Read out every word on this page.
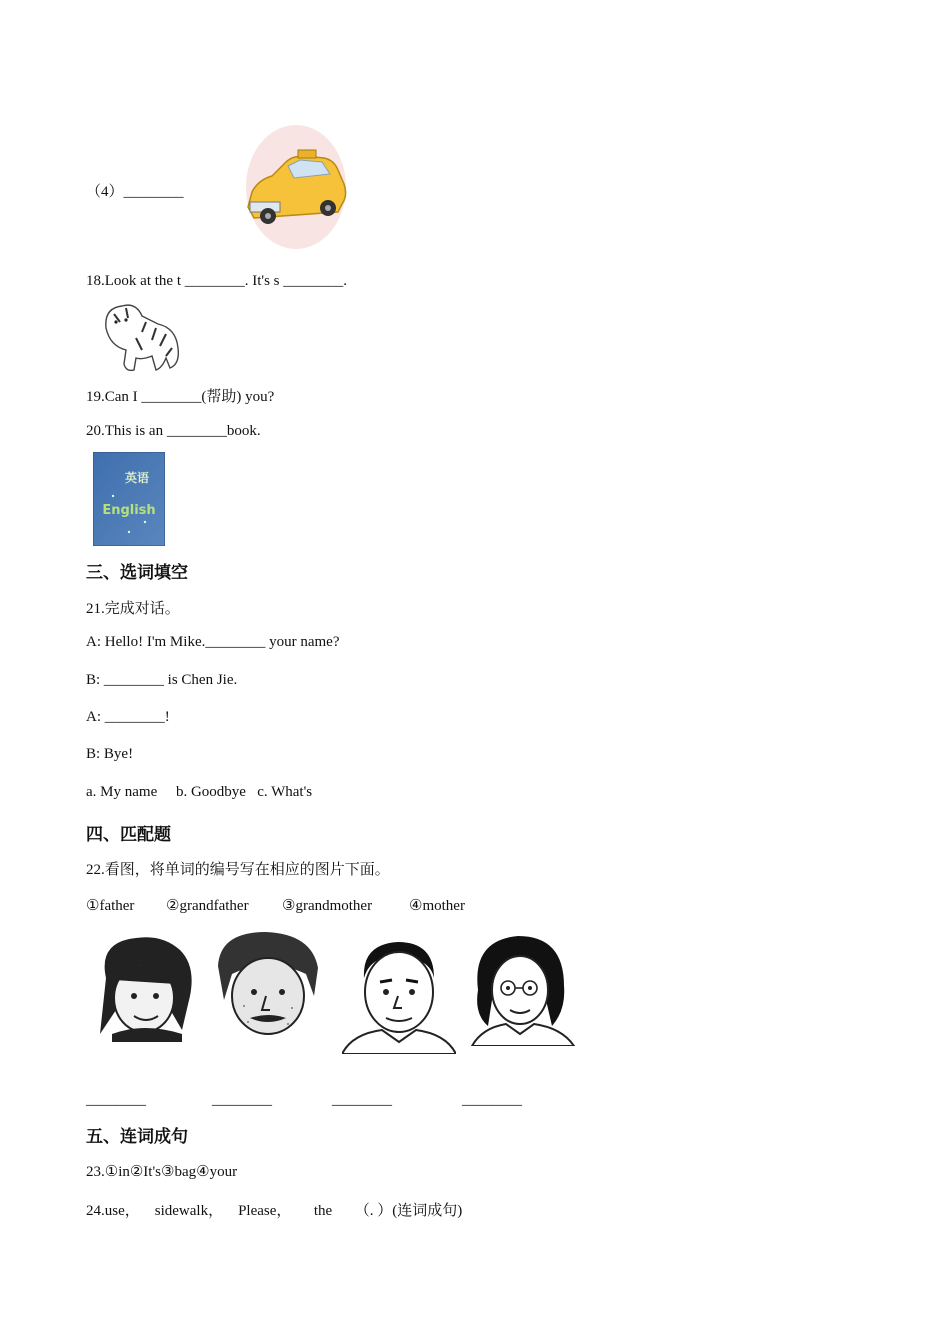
（4）________
18.Look at the t ________. It's s ________.
19.Can I ________(帮助) you?
20.This is an ________book.
英语
English
三、选词填空
21.完成对话。
A: Hello! I'm Mike.________ your name?
B: ________ is Chen Jie.
A: ________!
B: Bye!
a. My name     b. Goodbye   c. What's
四、匹配题
22.看图，将单词的编号写在相应的图片下面。
①father ②grandfather ③grandmother ④mother
________	________	________	________
五、连词成句
23.①in②It's③bag④your
24.use，    sidewalk，    Please，      the      （. ）(连词成句)
